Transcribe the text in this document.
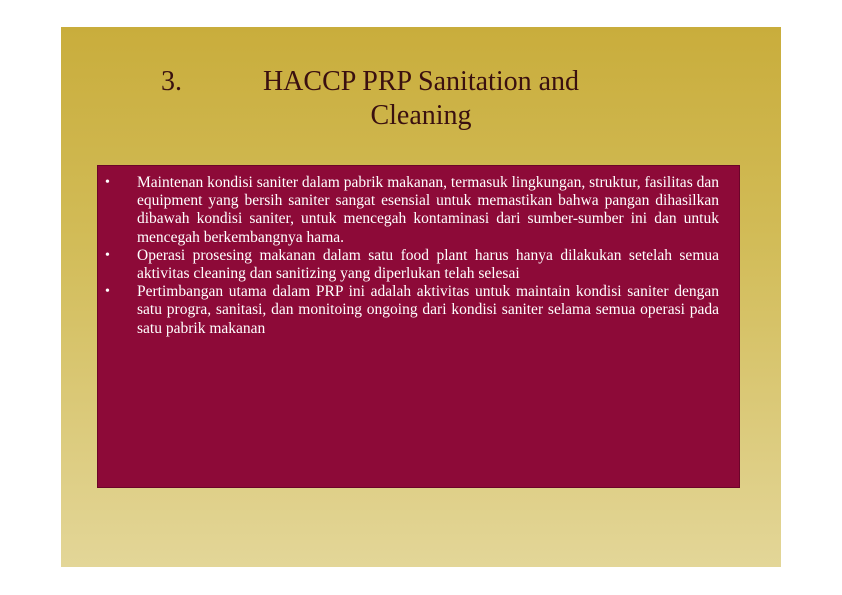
3.	HACCP PRP Sanitation and
Cleaning
• Maintenan kondisi saniter dalam pabrik makanan, termasuk lingkungan, struktur, fasilitas dan equipment yang bersih saniter sangat esensial untuk memastikan bahwa pangan dihasilkan dibawah kondisi saniter, untuk mencegah kontaminasi dari sumber-sumber ini dan untuk mencegah berkembangnya hama.
• Operasi prosesing makanan dalam satu food plant harus hanya dilakukan setelah semua aktivitas cleaning dan sanitizing yang diperlukan telah selesai
• Pertimbangan utama dalam PRP ini adalah aktivitas untuk maintain kondisi saniter dengan satu progra, sanitasi, dan monitoing ongoing dari kondisi saniter selama semua operasi pada satu pabrik makanan
